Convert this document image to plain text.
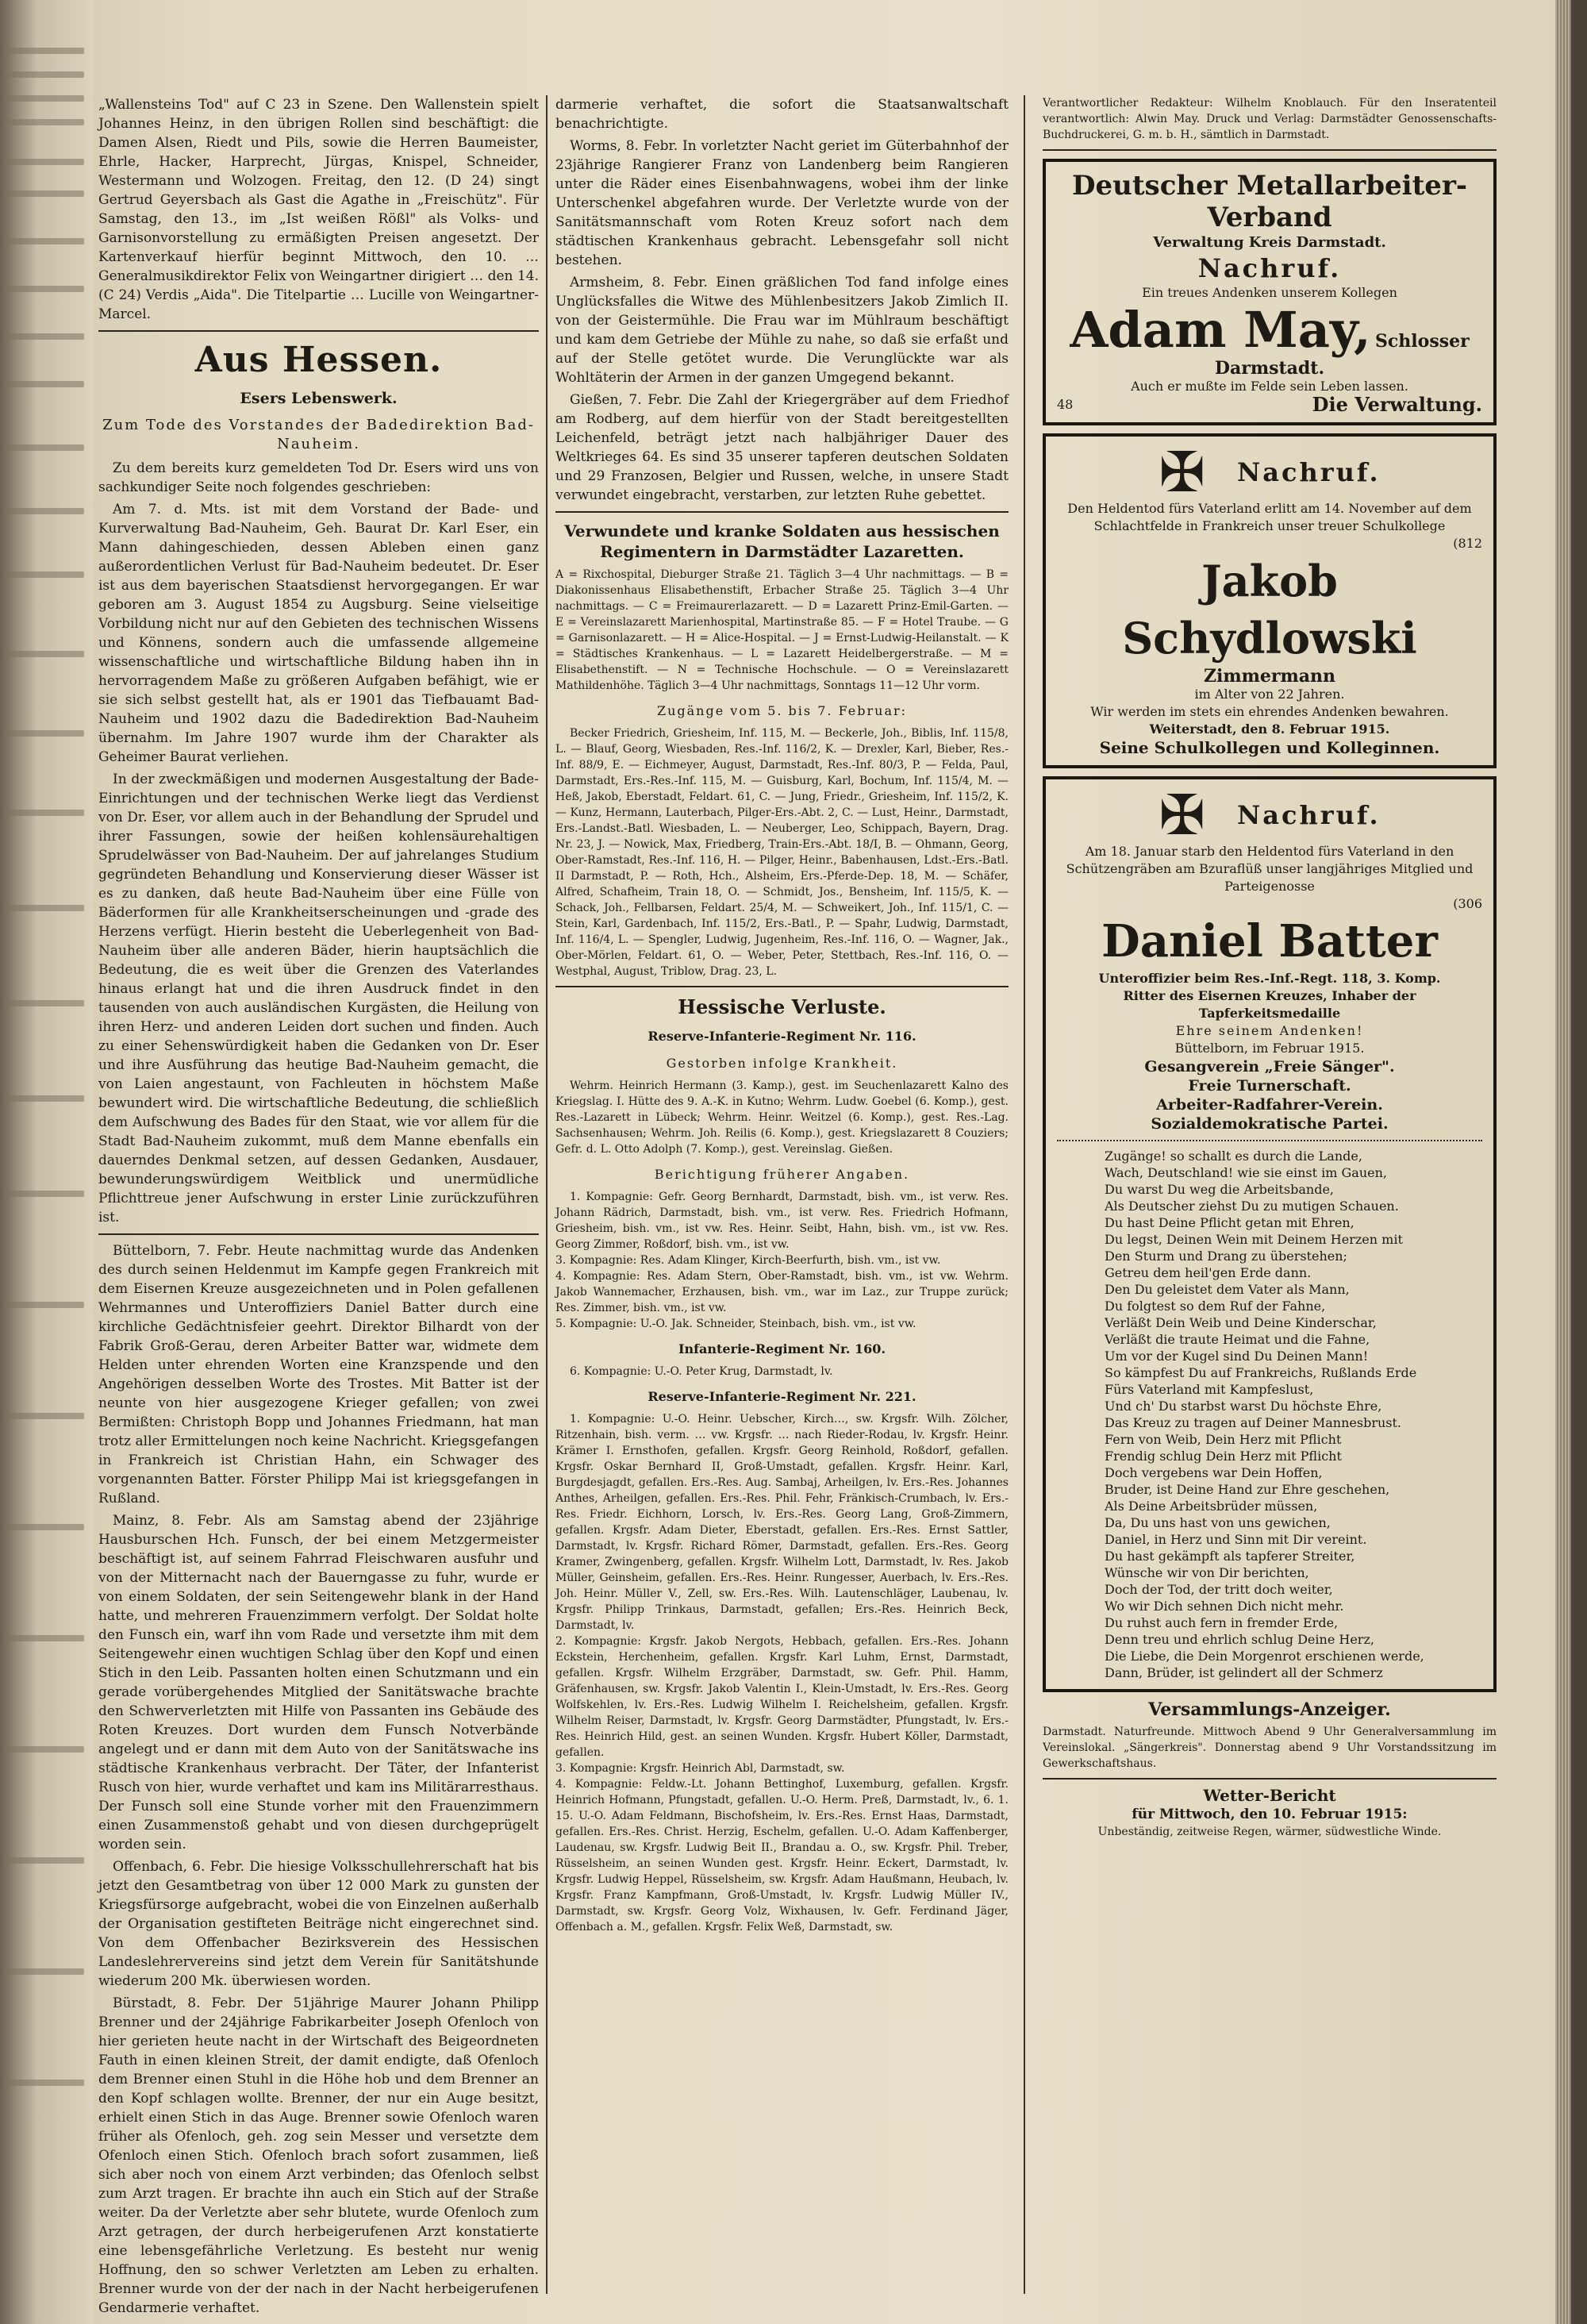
„Wallensteins Tod" auf C 23 in Szene. Den Wallenstein spielt Johannes Heinz, in den übrigen Rollen sind beschäftigt: die Damen Alsen, Riedt und Pils, sowie die Herren Baumeister, Ehrle, Hacker, Harprecht, Jürgas, Knispel, Schneider, Westermann und Wolzogen. Freitag, den 12. (D 24) singt Gertrud Geyersbach als Gast die Agathe in „Freischütz". Für Samstag, den 13., im „Ist weißen Rößl" als Volks- und Garnisonvorstellung zu ermäßigten Preisen angesetzt. Der Kartenverkauf hierfür beginnt Mittwoch, den 10. … Generalmusikdirektor Felix von Weingartner dirigiert … den 14. (C 24) Verdis „Aida". Die Titelpartie … Lucille von Weingartner-Marcel.

Aus Hessen.
Esers Lebenswerk.
Zum Tode des Vorstandes der Badedirektion Bad-Nauheim.

Zu dem bereits kurz gemeldeten Tod Dr. Esers wird uns von sachkundiger Seite noch folgendes geschrieben:

Am 7. d. Mts. ist mit dem Vorstand der Bade- und Kurverwaltung Bad-Nauheim, Geh. Baurat Dr. Karl Eser, ein Mann dahingeschieden, dessen Ableben einen ganz außerordentlichen Verlust für Bad-Nauheim bedeutet. Dr. Eser ist aus dem bayerischen Staatsdienst hervorgegangen. Er war geboren am 3. August 1854 zu Augsburg. Seine vielseitige Vorbildung nicht nur auf den Gebieten des technischen Wissens und Könnens, sondern auch die umfassende allgemeine wissenschaftliche und wirtschaftliche Bildung haben ihn in hervorragendem Maße zu größeren Aufgaben befähigt, wie er sie sich selbst gestellt hat, als er 1901 das Tiefbauamt Bad-Nauheim und 1902 dazu die Badedirektion Bad-Nauheim übernahm. Im Jahre 1907 wurde ihm der Charakter als Geheimer Baurat verliehen.

In der zweckmäßigen und modernen Ausgestaltung der Bade-Einrichtungen und der technischen Werke liegt das Verdienst von Dr. Eser, vor allem auch in der Behandlung der Sprudel und ihrer Fassungen, sowie der heißen kohlensäurehaltigen Sprudelwässer von Bad-Nauheim. Der auf jahrelanges Studium gegründeten Behandlung und Konservierung dieser Wässer ist es zu danken, daß heute Bad-Nauheim über eine Fülle von Bäderformen für alle Krankheitserscheinungen und -grade des Herzens verfügt. Hierin besteht die Ueberlegenheit von Bad-Nauheim über alle anderen Bäder, hierin hauptsächlich die Bedeutung, die es weit über die Grenzen des Vaterlandes hinaus erlangt hat und die ihren Ausdruck findet in den tausenden von auch ausländischen Kurgästen, die Heilung von ihren Herz- und anderen Leiden dort suchen und finden. Auch zu einer Sehenswürdigkeit haben die Gedanken von Dr. Eser und ihre Ausführung das heutige Bad-Nauheim gemacht, die von Laien angestaunt, von Fachleuten in höchstem Maße bewundert wird. Die wirtschaftliche Bedeutung, die schließlich dem Aufschwung des Bades für den Staat, wie vor allem für die Stadt Bad-Nauheim zukommt, muß dem Manne ebenfalls ein dauerndes Denkmal setzen, auf dessen Gedanken, Ausdauer, bewunderungswürdigem Weitblick und unermüdliche Pflichttreue jener Aufschwung in erster Linie zurückzuführen ist.

Büttelborn, 7. Febr. Heute nachmittag wurde das Andenken des durch seinen Heldenmut im Kampfe gegen Frankreich mit dem Eisernen Kreuze ausgezeichneten und in Polen gefallenen Wehrmannes und Unteroffiziers Daniel Batter durch eine kirchliche Gedächtnisfeier geehrt. Direktor Bilhardt von der Fabrik Groß-Gerau, deren Arbeiter Batter war, widmete dem Helden unter ehrenden Worten eine Kranzspende und den Angehörigen desselben Worte des Trostes. Mit Batter ist der neunte von hier ausgezogene Krieger gefallen; von zwei Bermißten: Christoph Bopp und Johannes Friedmann, hat man trotz aller Ermittelungen noch keine Nachricht. Kriegsgefangen in Frankreich ist Christian Hahn, ein Schwager des vorgenannten Batter. Förster Philipp Mai ist kriegsgefangen in Rußland.

Mainz, 8. Febr. Als am Samstag abend der 23jährige Hausburschen Hch. Funsch, der bei einem Metzgermeister beschäftigt ist, auf seinem Fahrrad Fleischwaren ausfuhr und von der Mitternacht nach der Bauerngasse zu fuhr, wurde er von einem Soldaten, der sein Seitengewehr blank in der Hand hatte, und mehreren Frauenzimmern verfolgt. Der Soldat holte den Funsch ein, warf ihn vom Rade und versetzte ihm mit dem Seitengewehr einen wuchtigen Schlag über den Kopf und einen Stich in den Leib. Passanten holten einen Schutzmann und ein gerade vorübergehendes Mitglied der Sanitätswache brachte den Schwerverletzten mit Hilfe von Passanten ins Gebäude des Roten Kreuzes. Dort wurden dem Funsch Notverbände angelegt und er dann mit dem Auto von der Sanitätswache ins städtische Krankenhaus verbracht. Der Täter, der Infanterist Rusch von hier, wurde verhaftet und kam ins Militärarresthaus. Der Funsch soll eine Stunde vorher mit den Frauenzimmern einen Zusammenstoß gehabt und von diesen durchgeprügelt worden sein.

Offenbach, 6. Febr. Die hiesige Volksschullehrerschaft hat bis jetzt den Gesamtbetrag von über 12 000 Mark zu gunsten der Kriegsfürsorge aufgebracht, wobei die von Einzelnen außerhalb der Organisation gestifteten Beiträge nicht eingerechnet sind. Von dem Offenbacher Bezirksverein des Hessischen Landeslehrervereins sind jetzt dem Verein für Sanitätshunde wiederum 200 Mk. überwiesen worden.

Bürstadt, 8. Febr. Der 51jährige Maurer Johann Philipp Brenner und der 24jährige Fabrikarbeiter Joseph Ofenloch von hier gerieten heute nacht in der Wirtschaft des Beigeordneten Fauth in einen kleinen Streit, der damit endigte, daß Ofenloch dem Brenner einen Stuhl in die Höhe hob und dem Brenner an den Kopf schlagen wollte. Brenner, der nur ein Auge besitzt, erhielt einen Stich in das Auge. Brenner sowie Ofenloch waren früher als Ofenloch, geh. zog sein Messer und versetzte dem Ofenloch einen Stich. Ofenloch brach sofort zusammen, ließ sich aber noch von einem Arzt verbinden; das Ofenloch selbst zum Arzt tragen. Er brachte ihn auch ein Stich auf der Straße weiter. Da der Verletzte aber sehr blutete, wurde Ofenloch zum Arzt getragen, der durch herbeigerufenen Arzt konstatierte eine lebensgefährliche Verletzung. Es besteht nur wenig Hoffnung, den so schwer Verletzten am Leben zu erhalten. Brenner wurde von der der nach in der Nacht herbeigerufenen Gendarmerie verhaftet.

darmerie verhaftet, die sofort die Staatsanwaltschaft benachrichtigte.

Worms, 8. Febr. In vorletzter Nacht geriet im Güterbahnhof der 23jährige Rangierer Franz von Landenberg beim Rangieren unter die Räder eines Eisenbahnwagens, wobei ihm der linke Unterschenkel abgefahren wurde. Der Verletzte wurde von der Sanitätsmannschaft vom Roten Kreuz sofort nach dem städtischen Krankenhaus gebracht. Lebensgefahr soll nicht bestehen.

Armsheim, 8. Febr. Einen gräßlichen Tod fand infolge eines Unglücksfalles die Witwe des Mühlenbesitzers Jakob Zimlich II. von der Geistermühle. Die Frau war im Mühlraum beschäftigt und kam dem Getriebe der Mühle zu nahe, so daß sie erfaßt und auf der Stelle getötet wurde. Die Verunglückte war als Wohltäterin der Armen in der ganzen Umgegend bekannt.

Gießen, 7. Febr. Die Zahl der Kriegergräber auf dem Friedhof am Rodberg, auf dem hierfür von der Stadt bereitgestellten Leichenfeld, beträgt jetzt nach halbjähriger Dauer des Weltkrieges 64. Es sind 35 unserer tapferen deutschen Soldaten und 29 Franzosen, Belgier und Russen, welche, in unsere Stadt verwundet eingebracht, verstarben, zur letzten Ruhe gebettet.

Verwundete und kranke Soldaten aus hessischen Regimentern in Darmstädter Lazaretten.

A = Rixchospital, Dieburger Straße 21. Täglich 3—4 Uhr nachmittags. — B = Diakonissenhaus Elisabethenstift, Erbacher Straße 25. Täglich 3—4 Uhr nachmittags. — C = Freimaurerlazarett. — D = Lazarett Prinz-Emil-Garten. — E = Vereinslazarett Marienhospital, Martinstraße 85. — F = Hotel Traube. — G = Garnisonlazarett. — H = Alice-Hospital. — J = Ernst-Ludwig-Heilanstalt. — K = Städtisches Krankenhaus. — L = Lazarett Heidelbergerstraße. — M = Elisabethenstift. — N = Technische Hochschule. — O = Vereinslazarett Mathildenhöhe. Täglich 3—4 Uhr nachmittags, Sonntags 11—12 Uhr vorm.

Zugänge vom 5. bis 7. Februar:

Becker Friedrich, Griesheim, Inf. 115, M. — Beckerle, Joh., Biblis, Inf. 115/8, L. — Blauf, Georg, Wiesbaden, Res.-Inf. 116/2, K. — Drexler, Karl, Bieber, Res.-Inf. 88/9, E. — Eichmeyer, August, Darmstadt, Res.-Inf. 80/3, P. — Felda, Paul, Darmstadt, Ers.-Res.-Inf. 115, M. — Guisburg, Karl, Bochum, Inf. 115/4, M. — Heß, Jakob, Eberstadt, Feldart. 61, C. — Jung, Friedr., Griesheim, Inf. 115/2, K. — Kunz, Hermann, Lauterbach, Pilger-Ers.-Abt. 2, C. — Lust, Heinr., Darmstadt, Ers.-Landst.-Batl. Wiesbaden, L. — Neuberger, Leo, Schippach, Bayern, Drag. Nr. 23, J. — Nowick, Max, Friedberg, Train-Ers.-Abt. 18/I, B. — Ohmann, Georg, Ober-Ramstadt, Res.-Inf. 116, H. — Pilger, Heinr., Babenhausen, Ldst.-Ers.-Batl. II Darmstadt, P. — Roth, Hch., Alsheim, Ers.-Pferde-Dep. 18, M. — Schäfer, Alfred, Schafheim, Train 18, O. — Schmidt, Jos., Bensheim, Inf. 115/5, K. — Schack, Joh., Fellbarsen, Feldart. 25/4, M. — Schweikert, Joh., Inf. 115/1, C. — Stein, Karl, Gardenbach, Inf. 115/2, Ers.-Batl., P. — Spahr, Ludwig, Darmstadt, Inf. 116/4, L. — Spengler, Ludwig, Jugenheim, Res.-Inf. 116, O. — Wagner, Jak., Ober-Mörlen, Feldart. 61, O. — Weber, Peter, Stettbach, Res.-Inf. 116, O. — Westphal, August, Triblow, Drag. 23, L.

Hessische Verluste.
Reserve-Infanterie-Regiment Nr. 116.
Gestorben infolge Krankheit.

Wehrm. Heinrich Hermann (3. Kamp.), gest. im Seuchenlazarett Kalno des Kriegslag. I. Hütte des 9. A.-K. in Kutno; Wehrm. Ludw. Goebel (6. Komp.), gest. Res.-Lazarett in Lübeck; Wehrm. Heinr. Weitzel (6. Komp.), gest. Res.-Lag. Sachsenhausen; Wehrm. Joh. Reilis (6. Komp.), gest. Kriegslazarett 8 Couziers; Gefr. d. L. Otto Adolph (7. Komp.), gest. Vereinslag. Gießen.

Berichtigung früherer Angaben.

1. Kompagnie: Gefr. Georg Bernhardt, Darmstadt, bish. vm., ist verw. Res. Johann Rädrich, Darmstadt, bish. vm., ist verw. Res. Friedrich Hofmann, Griesheim, bish. vm., ist vw. Res. Heinr. Seibt, Hahn, bish. vm., ist vw. Res. Georg Zimmer, Roßdorf, bish. vm., ist vw.
3. Kompagnie: Res. Adam Klinger, Kirch-Beerfurth, bish. vm., ist vw.
4. Kompagnie: Res. Adam Stern, Ober-Ramstadt, bish. vm., ist vw. Wehrm. Jakob Wannemacher, Erzhausen, bish. vm., war im Laz., zur Truppe zurück; Res. Zimmer, bish. vm., ist vw.
5. Kompagnie: U.-O. Jak. Schneider, Steinbach, bish. vm., ist vw.

Infanterie-Regiment Nr. 160.

6. Kompagnie: U.-O. Peter Krug, Darmstadt, lv.

Reserve-Infanterie-Regiment Nr. 221.

1. Kompagnie: U.-O. Heinr. Uebscher, Kirch…, sw. Krgsfr. Wilh. Zölcher, Ritzenhain, bish. verm. … vw. Krgsfr. … nach Rieder-Rodau, lv. Krgsfr. Heinr. Krämer I. Ernsthofen, gefallen. Krgsfr. Georg Reinhold, Roßdorf, gefallen. Krgsfr. Oskar Bernhard II, Groß-Umstadt, gefallen. Krgsfr. Heinr. Karl, Burgdesjagdt, gefallen. Ers.-Res. Aug. Sambaj, Arheilgen, lv. Ers.-Res. Johannes Anthes, Arheilgen, gefallen. Ers.-Res. Phil. Fehr, Fränkisch-Crumbach, lv. Ers.-Res. Friedr. Eichhorn, Lorsch, lv. Ers.-Res. Georg Lang, Groß-Zimmern, gefallen. Krgsfr. Adam Dieter, Eberstadt, gefallen. Ers.-Res. Ernst Sattler, Darmstadt, lv. Krgsfr. Richard Römer, Darmstadt, gefallen. Ers.-Res. Georg Kramer, Zwingenberg, gefallen. Krgsfr. Wilhelm Lott, Darmstadt, lv. Res. Jakob Müller, Geinsheim, gefallen. Ers.-Res. Heinr. Rungesser, Auerbach, lv. Ers.-Res. Joh. Heinr. Müller V., Zell, sw. Ers.-Res. Wilh. Lautenschläger, Laubenau, lv. Krgsfr. Philipp Trinkaus, Darmstadt, gefallen; Ers.-Res. Heinrich Beck, Darmstadt, lv.
2. Kompagnie: Krgsfr. Jakob Nergots, Hebbach, gefallen. Ers.-Res. Johann Eckstein, Herchenheim, gefallen. Krgsfr. Karl Luhm, Ernst, Darmstadt, gefallen. Krgsfr. Wilhelm Erzgräber, Darmstadt, sw. Gefr. Phil. Hamm, Gräfenhausen, sw. Krgsfr. Jakob Valentin I., Klein-Umstadt, lv. Ers.-Res. Georg Wolfskehlen, lv. Ers.-Res. Ludwig Wilhelm I. Reichelsheim, gefallen. Krgsfr. Wilhelm Reiser, Darmstadt, lv. Krgsfr. Georg Darmstädter, Pfungstadt, lv. Ers.-Res. Heinrich Hild, gest. an seinen Wunden. Krgsfr. Hubert Köller, Darmstadt, gefallen.
3. Kompagnie: Krgsfr. Heinrich Abl, Darmstadt, sw.
4. Kompagnie: Feldw.-Lt. Johann Bettinghof, Luxemburg, gefallen. Krgsfr. Heinrich Hofmann, Pfungstadt, gefallen. U.-O. Herm. Preß, Darmstadt, lv., 6. 1. 15. U.-O. Adam Feldmann, Bischofsheim, lv. Ers.-Res. Ernst Haas, Darmstadt, gefallen. Ers.-Res. Christ. Herzig, Eschelm, gefallen. U.-O. Adam Kaffenberger, Laudenau, sw. Krgsfr. Ludwig Beit II., Brandau a. O., sw. Krgsfr. Phil. Treber, Rüsselsheim, an seinen Wunden gest. Krgsfr. Heinr. Eckert, Darmstadt, lv. Krgsfr. Ludwig Heppel, Rüsselsheim, sw. Krgsfr. Adam Haußmann, Heubach, lv. Krgsfr. Franz Kampfmann, Groß-Umstadt, lv. Krgsfr. Ludwig Müller IV., Darmstadt, sw. Krgsfr. Georg Volz, Wixhausen, lv. Gefr. Ferdinand Jäger, Offenbach a. M., gefallen. Krgsfr. Felix Weß, Darmstadt, sw.

Verantwortlicher Redakteur: Wilhelm Knoblauch. Für den Inseratenteil verantwortlich: Alwin May. Druck und Verlag: Darmstädter Genossenschafts-Buchdruckerei, G. m. b. H., sämtlich in Darmstadt.

Deutscher Metallarbeiter-Verband
Verwaltung Kreis Darmstadt.
Nachruf.
Ein treues Andenken unserem Kollegen
Adam May, Schlosser
Darmstadt.
Auch er mußte im Felde sein Leben lassen.
48	Die Verwaltung.
✠ Nachruf.
Den Heldentod fürs Vaterland erlitt am 14. November auf dem Schlachtfelde in Frankreich unser treuer Schulkollege
(812
Jakob Schydlowski
Zimmermann
im Alter von 22 Jahren.
Wir werden im stets ein ehrendes Andenken bewahren.
Weiterstadt, den 8. Februar 1915.
Seine Schulkollegen und Kolleginnen.
✠ Nachruf.
Am 18. Januar starb den Heldentod fürs Vaterland in den Schützengräben am Bzuraflüß unser langjähriges Mitglied und Parteigenosse
(306
Daniel Batter
Unteroffizier beim Res.-Inf.-Regt. 118, 3. Komp.
Ritter des Eisernen Kreuzes, Inhaber der Tapferkeitsmedaille
Ehre seinem Andenken!
Büttelborn, im Februar 1915.
Gesangverein „Freie Sänger".
Freie Turnerschaft.
Arbeiter-Radfahrer-Verein.
Sozialdemokratische Partei.
Zugänge! so schallt es durch die Lande,
Wach, Deutschland! wie sie einst im Gauen,
Du warst Du weg die Arbeitsbande,
Als Deutscher ziehst Du zu mutigen Schauen.
Du hast Deine Pflicht getan mit Ehren,
Du legst, Deinen Wein mit Deinem Herzen mit
Den Sturm und Drang zu überstehen;
Getreu dem heil'gen Erde dann.
Den Du geleistet dem Vater als Mann,
Du folgtest so dem Ruf der Fahne,
Verläßt Dein Weib und Deine Kinderschar,
Verläßt die traute Heimat und die Fahne,
Um vor der Kugel sind Du Deinen Mann!
So kämpfest Du auf Frankreichs, Rußlands Erde
Fürs Vaterland mit Kampfeslust,
Und ch' Du starbst warst Du höchste Ehre,
Das Kreuz zu tragen auf Deiner Mannesbrust.
Fern von Weib, Dein Herz mit Pflicht
Frendig schlug Dein Herz mit Pflicht
Doch vergebens war Dein Hoffen,
Bruder, ist Deine Hand zur Ehre geschehen,
Als Deine Arbeitsbrüder müssen,
Da, Du uns hast von uns gewichen,
Daniel, in Herz und Sinn mit Dir vereint.
Du hast gekämpft als tapferer Streiter,
Wünsche wir von Dir berichten,
Doch der Tod, der tritt doch weiter,
Wo wir Dich sehnen Dich nicht mehr.
Du ruhst auch fern in fremder Erde,
Denn treu und ehrlich schlug Deine Herz,
Die Liebe, die Dein Morgenrot erschienen werde,
Dann, Brüder, ist gelindert all der Schmerz
Versammlungs-Anzeiger.

Darmstadt. Naturfreunde. Mittwoch Abend 9 Uhr Generalversammlung im Vereinslokal. „Sängerkreis". Donnerstag abend 9 Uhr Vorstandssitzung im Gewerkschaftshaus.

Wetter-Bericht
für Mittwoch, den 10. Februar 1915:

Unbeständig, zeitweise Regen, wärmer, südwestliche Winde.
